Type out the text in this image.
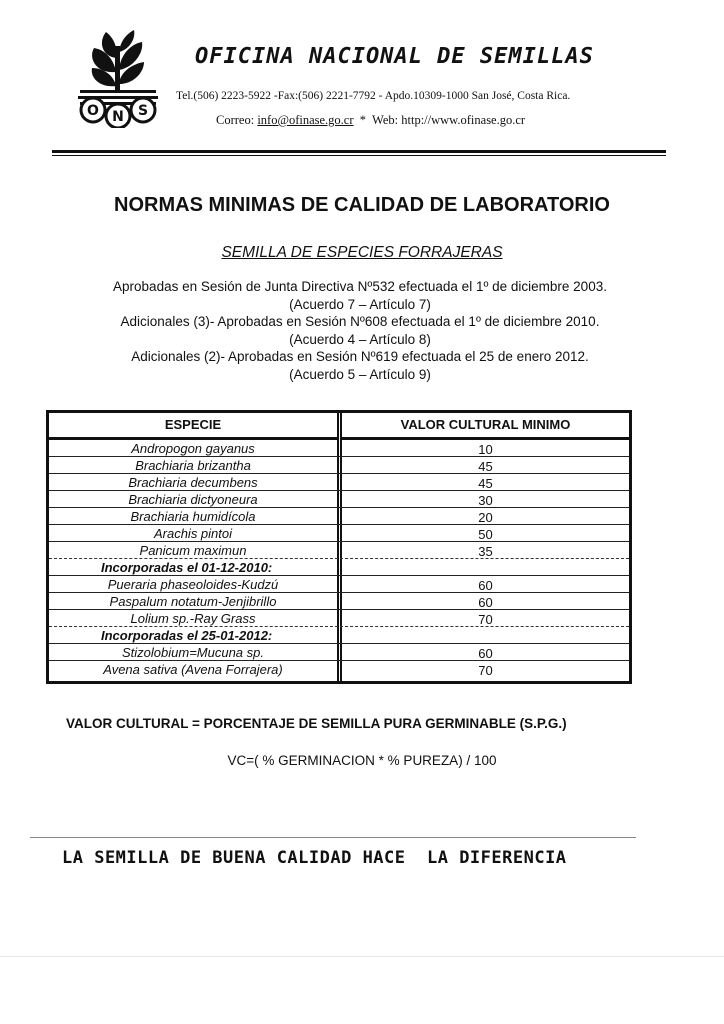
O N S
OFICINA NACIONAL DE SEMILLAS
Tel.(506) 2223-5922 -Fax:(506) 2221-7792 - Apdo.10309-1000 San José, Costa Rica.
Correo: info@ofinase.go.cr  *  Web: http://www.ofinase.go.cr
NORMAS MINIMAS DE CALIDAD DE LABORATORIO
SEMILLA DE ESPECIES FORRAJERAS
Aprobadas en Sesión de Junta Directiva Nº532 efectuada el 1º de diciembre 2003.
(Acuerdo 7 – Artículo 7)
Adicionales (3)- Aprobadas en Sesión Nº608 efectuada el 1º de diciembre 2010.
(Acuerdo 4 – Artículo 8)
Adicionales (2)- Aprobadas en Sesión Nº619 efectuada el 25 de enero 2012.
(Acuerdo 5 – Artículo 9)
ESPECIE	VALOR CULTURAL MINIMO
Andropogon gayanus	10
Brachiaria brizantha	45
Brachiaria decumbens	45
Brachiaria dictyoneura	30
Brachiaria humidícola	20
Arachis pintoi	50
Panicum maximun	35
Incorporadas el 01-12-2010:
Pueraria phaseoloides-Kudzú	60
Paspalum notatum-Jenjibrillo	60
Lolium sp.-Ray Grass	70
Incorporadas el 25-01-2012:
Stizolobium=Mucuna sp.	60
Avena sativa (Avena Forrajera)	70
VALOR CULTURAL = PORCENTAJE DE SEMILLA PURA GERMINABLE (S.P.G.)
VC=( % GERMINACION * % PUREZA) / 100
LA SEMILLA DE BUENA CALIDAD HACE  LA DIFERENCIA
